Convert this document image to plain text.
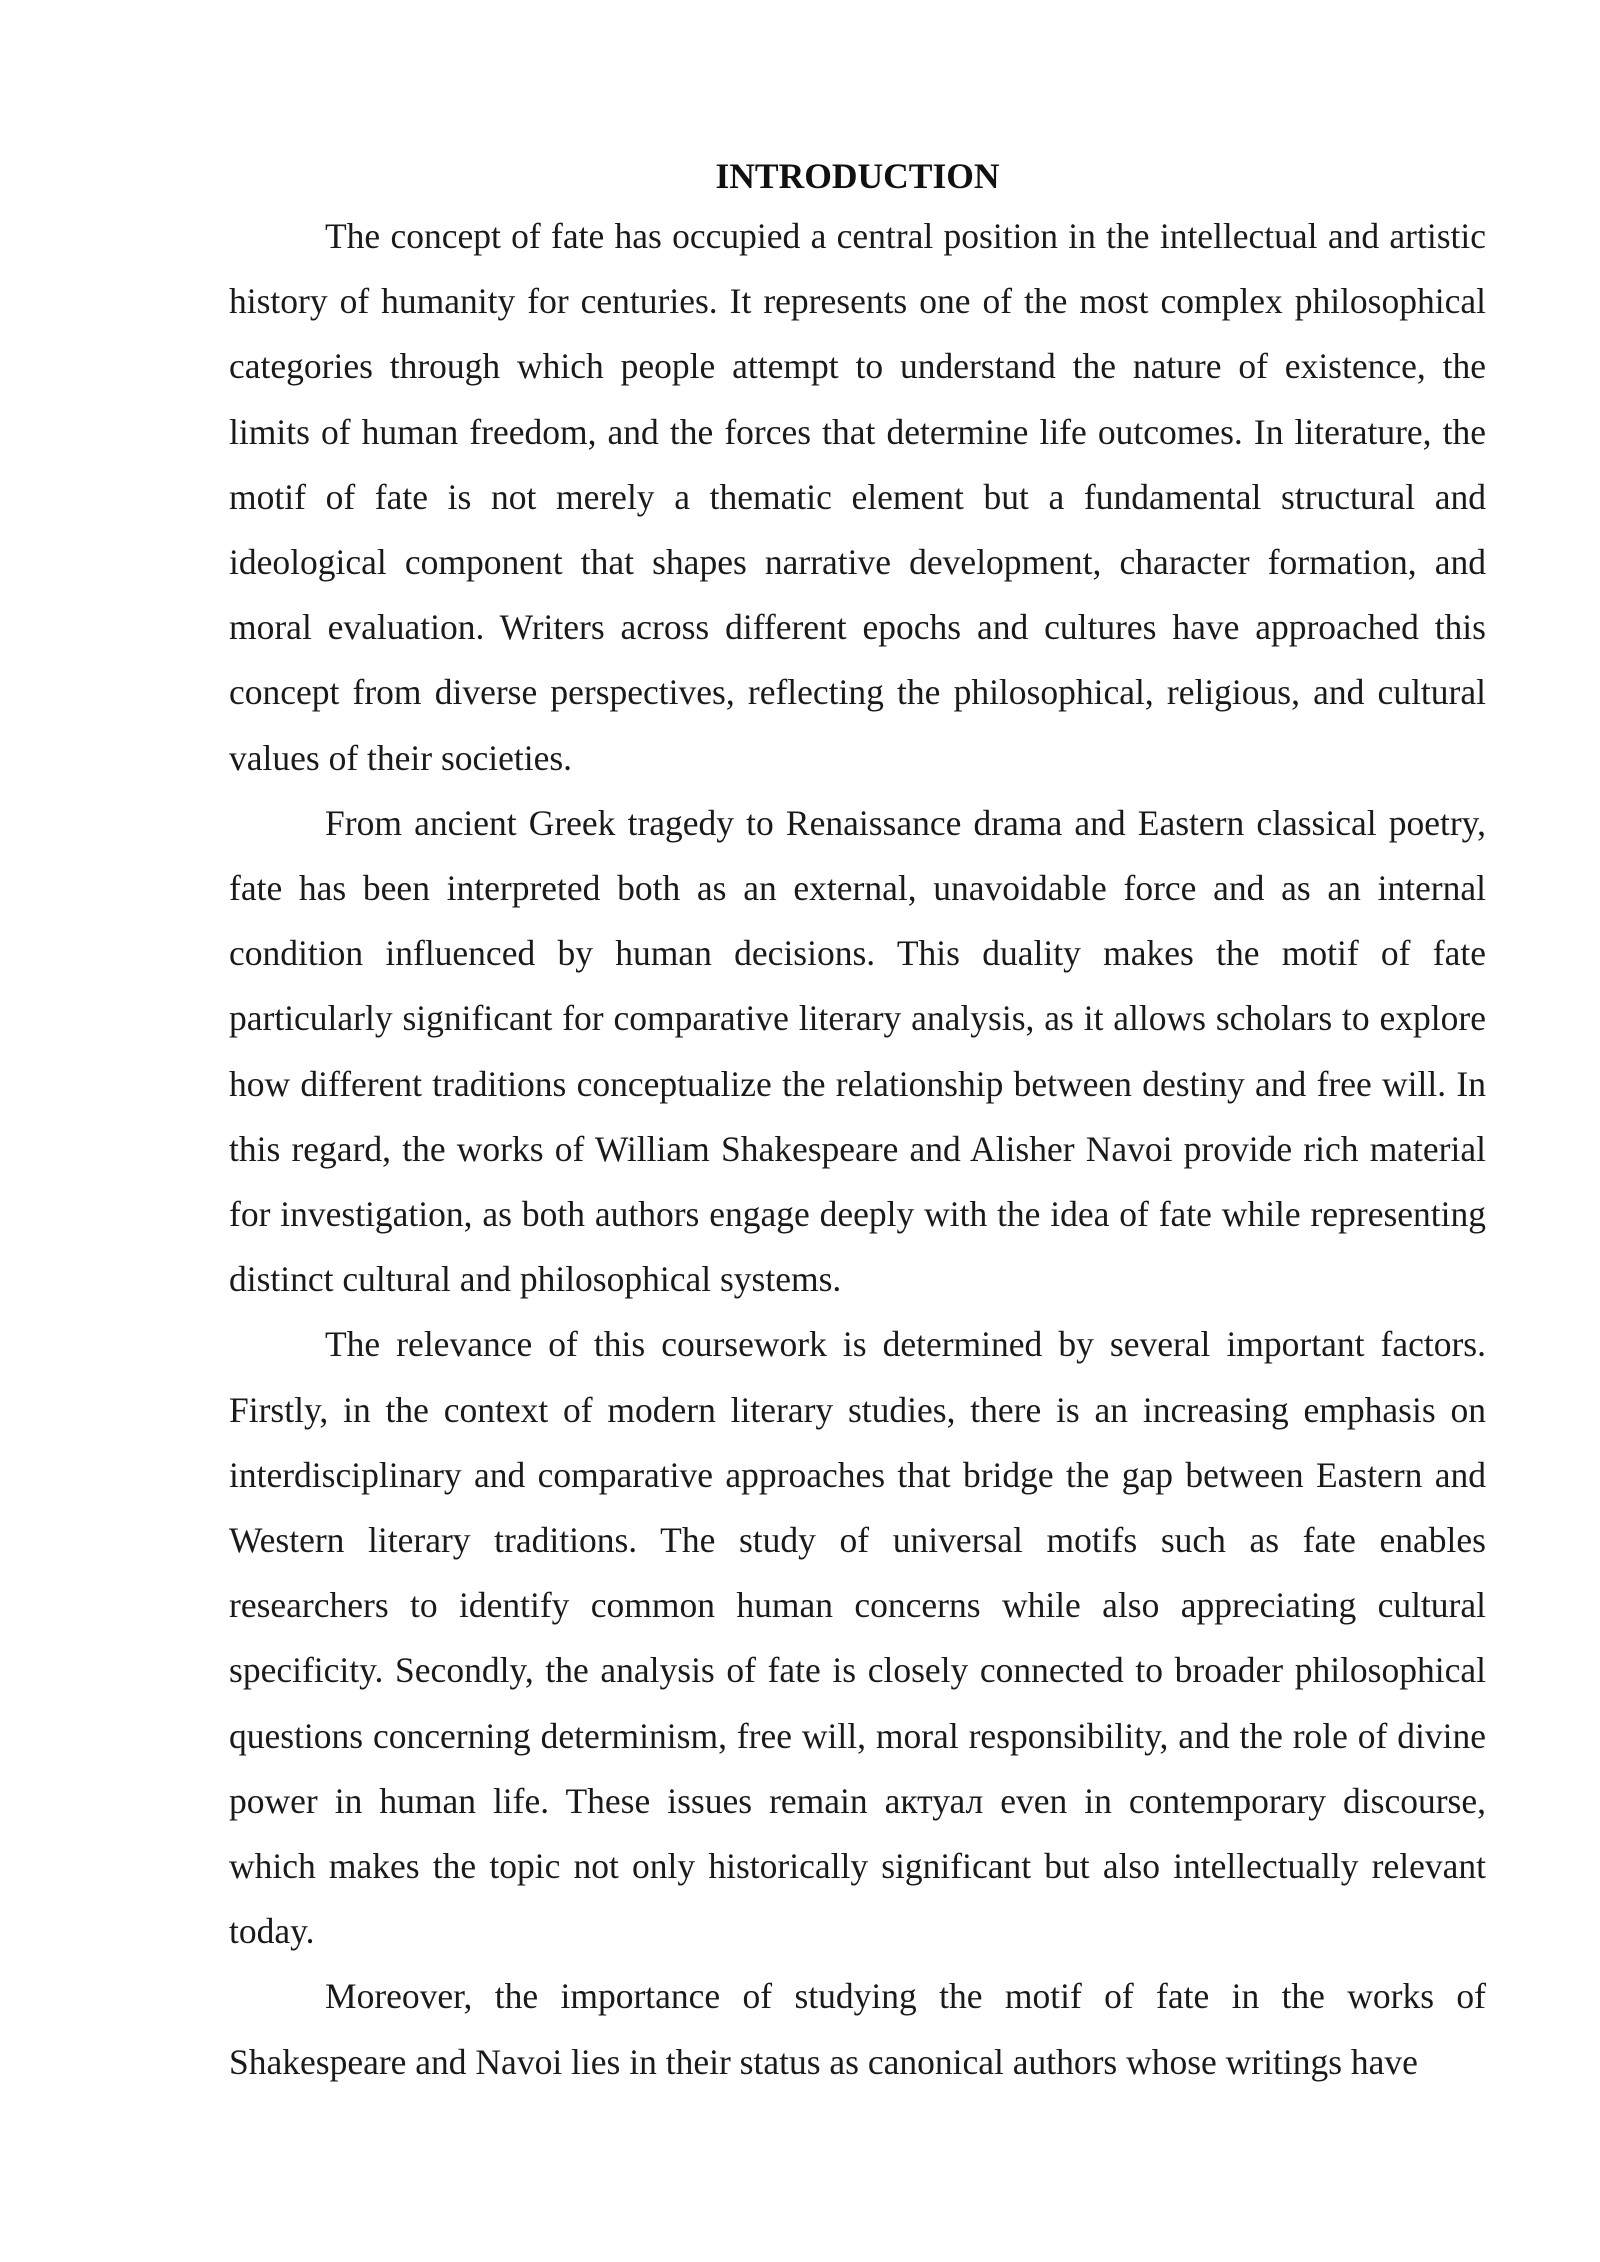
INTRODUCTION

The concept of fate has occupied a central position in the intellectual and artistic history of humanity for centuries. It represents one of the most complex philosophical categories through which people attempt to understand the nature of existence, the limits of human freedom, and the forces that determine life outcomes. In literature, the motif of fate is not merely a thematic element but a fundamental structural and ideological component that shapes narrative development, character formation, and moral evaluation. Writers across different epochs and cultures have approached this concept from diverse perspectives, reflecting the philosophical, religious, and cultural values of their societies.

From ancient Greek tragedy to Renaissance drama and Eastern classical poetry, fate has been interpreted both as an external, unavoidable force and as an internal condition influenced by human decisions. This duality makes the motif of fate particularly significant for comparative literary analysis, as it allows scholars to explore how different traditions conceptualize the relationship between destiny and free will. In this regard, the works of William Shakespeare and Alisher Navoi provide rich material for investigation, as both authors engage deeply with the idea of fate while representing distinct cultural and philosophical systems.

The relevance of this coursework is determined by several important factors. Firstly, in the context of modern literary studies, there is an increasing emphasis on interdisciplinary and comparative approaches that bridge the gap between Eastern and Western literary traditions. The study of universal motifs such as fate enables researchers to identify common human concerns while also appreciating cultural specificity. Secondly, the analysis of fate is closely connected to broader philosophical questions concerning determinism, free will, moral responsibility, and the role of divine power in human life. These issues remain актуал even in contemporary discourse, which makes the topic not only historically significant but also intellectually relevant today.

Moreover, the importance of studying the motif of fate in the works of Shakespeare and Navoi lies in their status as canonical authors whose writings have
